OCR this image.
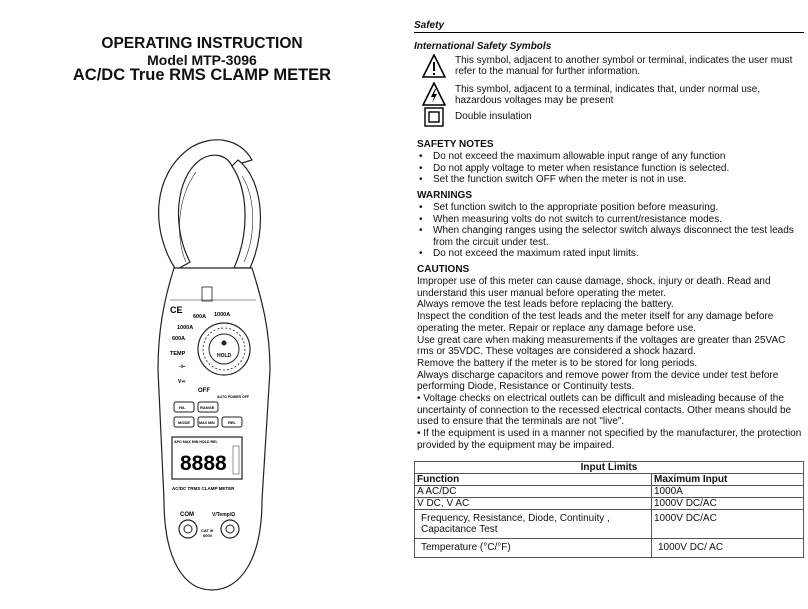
OPERATING INSTRUCTION
Model MTP-3096
AC/DC True RMS CLAMP METER
CE
600A 1000A
1000A
600A
TEMP	HOLD
OFF
AUTO POWER OFF
⊣⊢
V≂
H/L	RANGE
MODE	MAX MIN	REL
APO MAX MIN HOLD REL
8888
AC/DC TRMS CLAMP METER
COM	V/Temp/Ω
CAT III
600V
Safety
International Safety Symbols
This symbol, adjacent to another symbol or terminal, indicates the user must refer to the manual for further information.
This symbol, adjacent to a terminal, indicates that, under normal use, hazardous voltages may be present
Double insulation
SAFETY NOTES
• Do not exceed the maximum allowable input range of any function
• Do not apply voltage to meter when resistance function is selected.
• Set the function switch OFF when the meter is not in use.
WARNINGS
• Set function switch to the appropriate position before measuring.
• When measuring volts do not switch to current/resistance modes.
• When changing ranges using the selector switch always disconnect the test leads from the circuit under test.
• Do not exceed the maximum rated input limits.
CAUTIONS

Improper use of this meter can cause damage, shock, injury or death. Read and understand this user manual before operating the meter.

Always remove the test leads before replacing the battery.

Inspect the condition of the test leads and the meter itself for any damage before operating the meter. Repair or replace any damage before use.

Use great care when making measurements if the voltages are greater than 25VAC rms or 35VDC. These voltages are considered a shock hazard.

Remove the battery if the meter is to be stored for long periods.

Always discharge capacitors and remove power from the device under test before performing Diode, Resistance or Continuity tests.

• Voltage checks on electrical outlets can be difficult and misleading because of the uncertainty of connection to the recessed electrical contacts. Other means should be used to ensure that the terminals are not "live".

• If the equipment is used in a manner not specified by the manufacturer, the protection provided by the equipment may be impaired.

Input Limits	
Function	Maximum Input
A AC/DC	1000A
V DC, V AC	1000V DC/AC
Frequency, Resistance, Diode, Continuity , Capacitance Test	1000V DC/AC
Temperature (°C/°F)	1000V DC/ AC
